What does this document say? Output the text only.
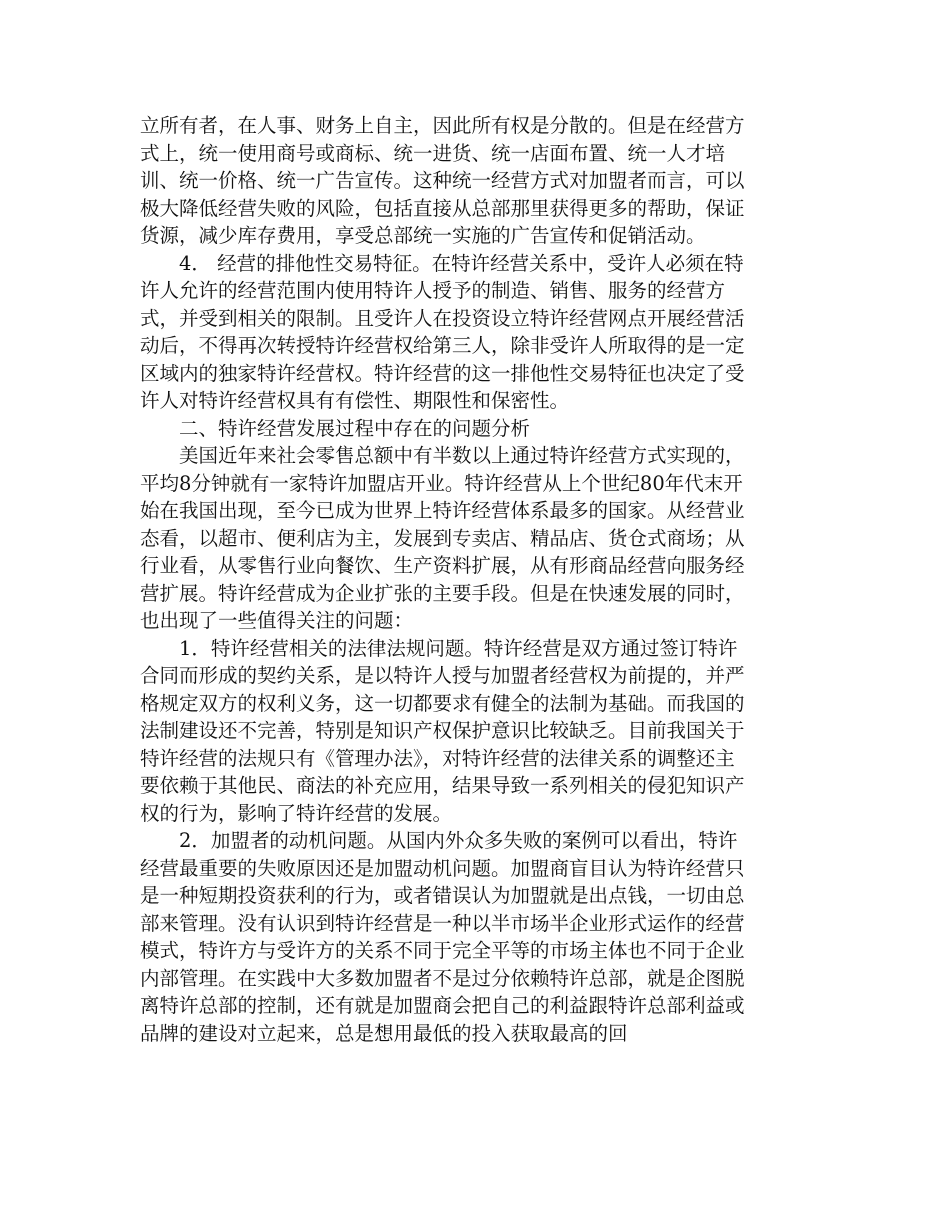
立所有者，在人事、财务上自主，因此所有权是分散的。但是在经营方式上，统一使用商号或商标、统一进货、统一店面布置、统一人才培训、统一价格、统一广告宣传。这种统一经营方式对加盟者而言，可以极大降低经营失败的风险，包括直接从总部那里获得更多的帮助，保证货源，减少库存费用，享受总部统一实施的广告宣传和促销活动。

4． 经营的排他性交易特征。在特许经营关系中，受许人必须在特许人允许的经营范围内使用特许人授予的制造、销售、服务的经营方式，并受到相关的限制。且受许人在投资设立特许经营网点开展经营活动后，不得再次转授特许经营权给第三人，除非受许人所取得的是一定区域内的独家特许经营权。特许经营的这一排他性交易特征也决定了受许人对特许经营权具有有偿性、期限性和保密性。

二、特许经营发展过程中存在的问题分析

美国近年来社会零售总额中有半数以上通过特许经营方式实现的，平均8分钟就有一家特许加盟店开业。特许经营从上个世纪80年代末开始在我国出现，至今已成为世界上特许经营体系最多的国家。从经营业态看，以超市、便利店为主，发展到专卖店、精品店、货仓式商场；从行业看，从零售行业向餐饮、生产资料扩展，从有形商品经营向服务经营扩展。特许经营成为企业扩张的主要手段。但是在快速发展的同时，也出现了一些值得关注的问题：

1．特许经营相关的法律法规问题。特许经营是双方通过签订特许合同而形成的契约关系，是以特许人授与加盟者经营权为前提的，并严格规定双方的权利义务，这一切都要求有健全的法制为基础。而我国的法制建设还不完善，特别是知识产权保护意识比较缺乏。目前我国关于特许经营的法规只有《管理办法》，对特许经营的法律关系的调整还主要依赖于其他民、商法的补充应用，结果导致一系列相关的侵犯知识产权的行为，影响了特许经营的发展。

2．加盟者的动机问题。从国内外众多失败的案例可以看出，特许经营最重要的失败原因还是加盟动机问题。加盟商盲目认为特许经营只是一种短期投资获利的行为，或者错误认为加盟就是出点钱，一切由总部来管理。没有认识到特许经营是一种以半市场半企业形式运作的经营模式，特许方与受许方的关系不同于完全平等的市场主体也不同于企业内部管理。在实践中大多数加盟者不是过分依赖特许总部，就是企图脱离特许总部的控制，还有就是加盟商会把自己的利益跟特许总部利益或品牌的建设对立起来，总是想用最低的投入获取最高的回
